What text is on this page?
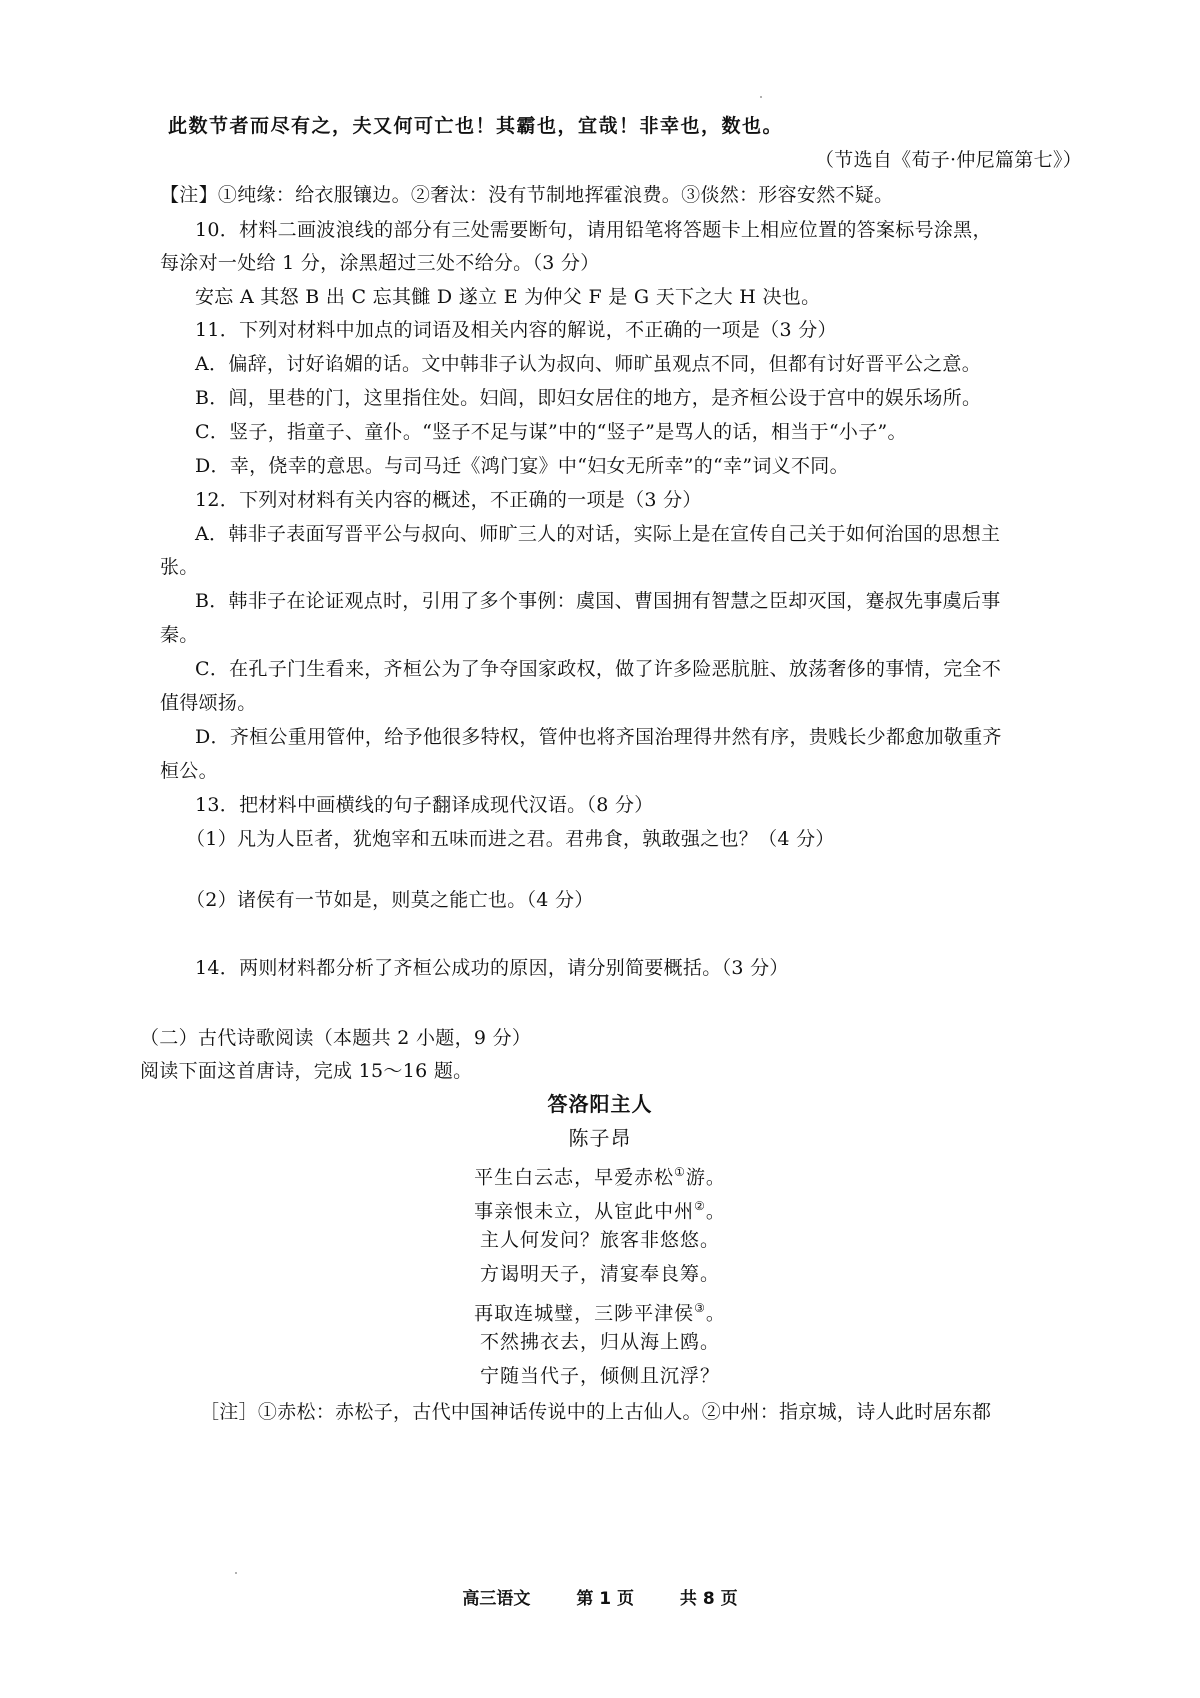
此数节者而尽有之，夫又何可亡也！其霸也，宜哉！非幸也，数也。
（节选自《荀子·仲尼篇第七》）
【注】①纯缘：给衣服镶边。②奢汰：没有节制地挥霍浪费。③倓然：形容安然不疑。
10．材料二画波浪线的部分有三处需要断句，请用铅笔将答题卡上相应位置的答案标号涂黑，
每涂对一处给 1 分，涂黑超过三处不给分。（3 分）
安忘 A 其怒 B 出 C 忘其雠 D 遂立 E 为仲父 F 是 G 天下之大 H 决也。
11．下列对材料中加点的词语及相关内容的解说，不正确的一项是（3 分）
A．偏辞，讨好谄媚的话。文中韩非子认为叔向、师旷虽观点不同，但都有讨好晋平公之意。
B．闾，里巷的门，这里指住处。妇闾，即妇女居住的地方，是齐桓公设于宫中的娱乐场所。
C．竖子，指童子、童仆。“竖子不足与谋”中的“竖子”是骂人的话，相当于“小子”。
D．幸，侥幸的意思。与司马迁《鸿门宴》中“妇女无所幸”的“幸”词义不同。
12．下列对材料有关内容的概述，不正确的一项是（3 分）
A．韩非子表面写晋平公与叔向、师旷三人的对话，实际上是在宣传自己关于如何治国的思想主
张。
B．韩非子在论证观点时，引用了多个事例：虞国、曹国拥有智慧之臣却灭国，蹇叔先事虞后事
秦。
C．在孔子门生看来，齐桓公为了争夺国家政权，做了许多险恶肮脏、放荡奢侈的事情，完全不
值得颂扬。
D．齐桓公重用管仲，给予他很多特权，管仲也将齐国治理得井然有序，贵贱长少都愈加敬重齐
桓公。
13．把材料中画横线的句子翻译成现代汉语。（8 分）
（1）凡为人臣者，犹炮宰和五味而进之君。君弗食，孰敢强之也？（4 分）
（2）诸侯有一节如是，则莫之能亡也。（4 分）
14．两则材料都分析了齐桓公成功的原因，请分别简要概括。（3 分）
（二）古代诗歌阅读（本题共 2 小题，9 分）
阅读下面这首唐诗，完成 15～16 题。
答洛阳主人
陈子昂
平生白云志，早爱赤松①游。
事亲恨未立，从宦此中州②。
主人何发问？旅客非悠悠。
方谒明天子，清宴奉良筹。
再取连城璧，三陟平津侯③。
不然拂衣去，归从海上鸥。
宁随当代子，倾侧且沉浮？
［注］①赤松：赤松子，古代中国神话传说中的上古仙人。②中州：指京城，诗人此时居东都
高三语文	第 1 页	共 8 页
